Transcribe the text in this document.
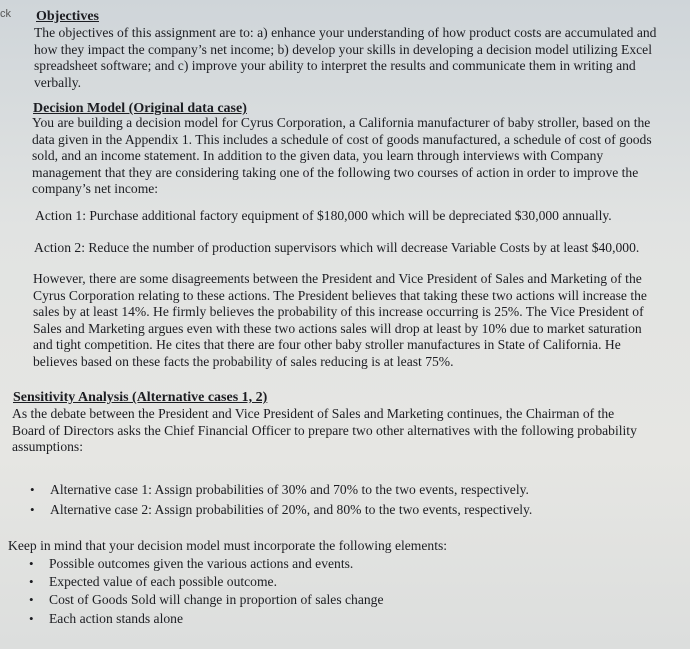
ck Objectives
The objectives of this assignment are to: a) enhance your understanding of how product costs are accumulated and
how they impact the company’s net income; b) develop your skills in developing a decision model utilizing Excel
spreadsheet software; and c) improve your ability to interpret the results and communicate them in writing and
verbally.
Decision Model (Original data case)
You are building a decision model for Cyrus Corporation, a California manufacturer of baby stroller, based on the
data given in the Appendix 1. This includes a schedule of cost of goods manufactured, a schedule of cost of goods
sold, and an income statement. In addition to the given data, you learn through interviews with Company
management that they are considering taking one of the following two courses of action in order to improve the
company’s net income:
Action 1: Purchase additional factory equipment of $180,000 which will be depreciated $30,000 annually.
Action 2: Reduce the number of production supervisors which will decrease Variable Costs by at least $40,000.
However, there are some disagreements between the President and Vice President of Sales and Marketing of the
Cyrus Corporation relating to these actions. The President believes that taking these two actions will increase the
sales by at least 14%. He firmly believes the probability of this increase occurring is 25%. The Vice President of
Sales and Marketing argues even with these two actions sales will drop at least by 10% due to market saturation
and tight competition. He cites that there are four other baby stroller manufactures in State of California. He
believes based on these facts the probability of sales reducing is at least 75%.
Sensitivity Analysis (Alternative cases 1, 2)
As the debate between the President and Vice President of Sales and Marketing continues, the Chairman of the
Board of Directors asks the Chief Financial Officer to prepare two other alternatives with the following probability
assumptions:
• Alternative case 1: Assign probabilities of 30% and 70% to the two events, respectively.
• Alternative case 2: Assign probabilities of 20%, and 80% to the two events, respectively.
Keep in mind that your decision model must incorporate the following elements:
• Possible outcomes given the various actions and events.
• Expected value of each possible outcome.
• Cost of Goods Sold will change in proportion of sales change
• Each action stands alone
